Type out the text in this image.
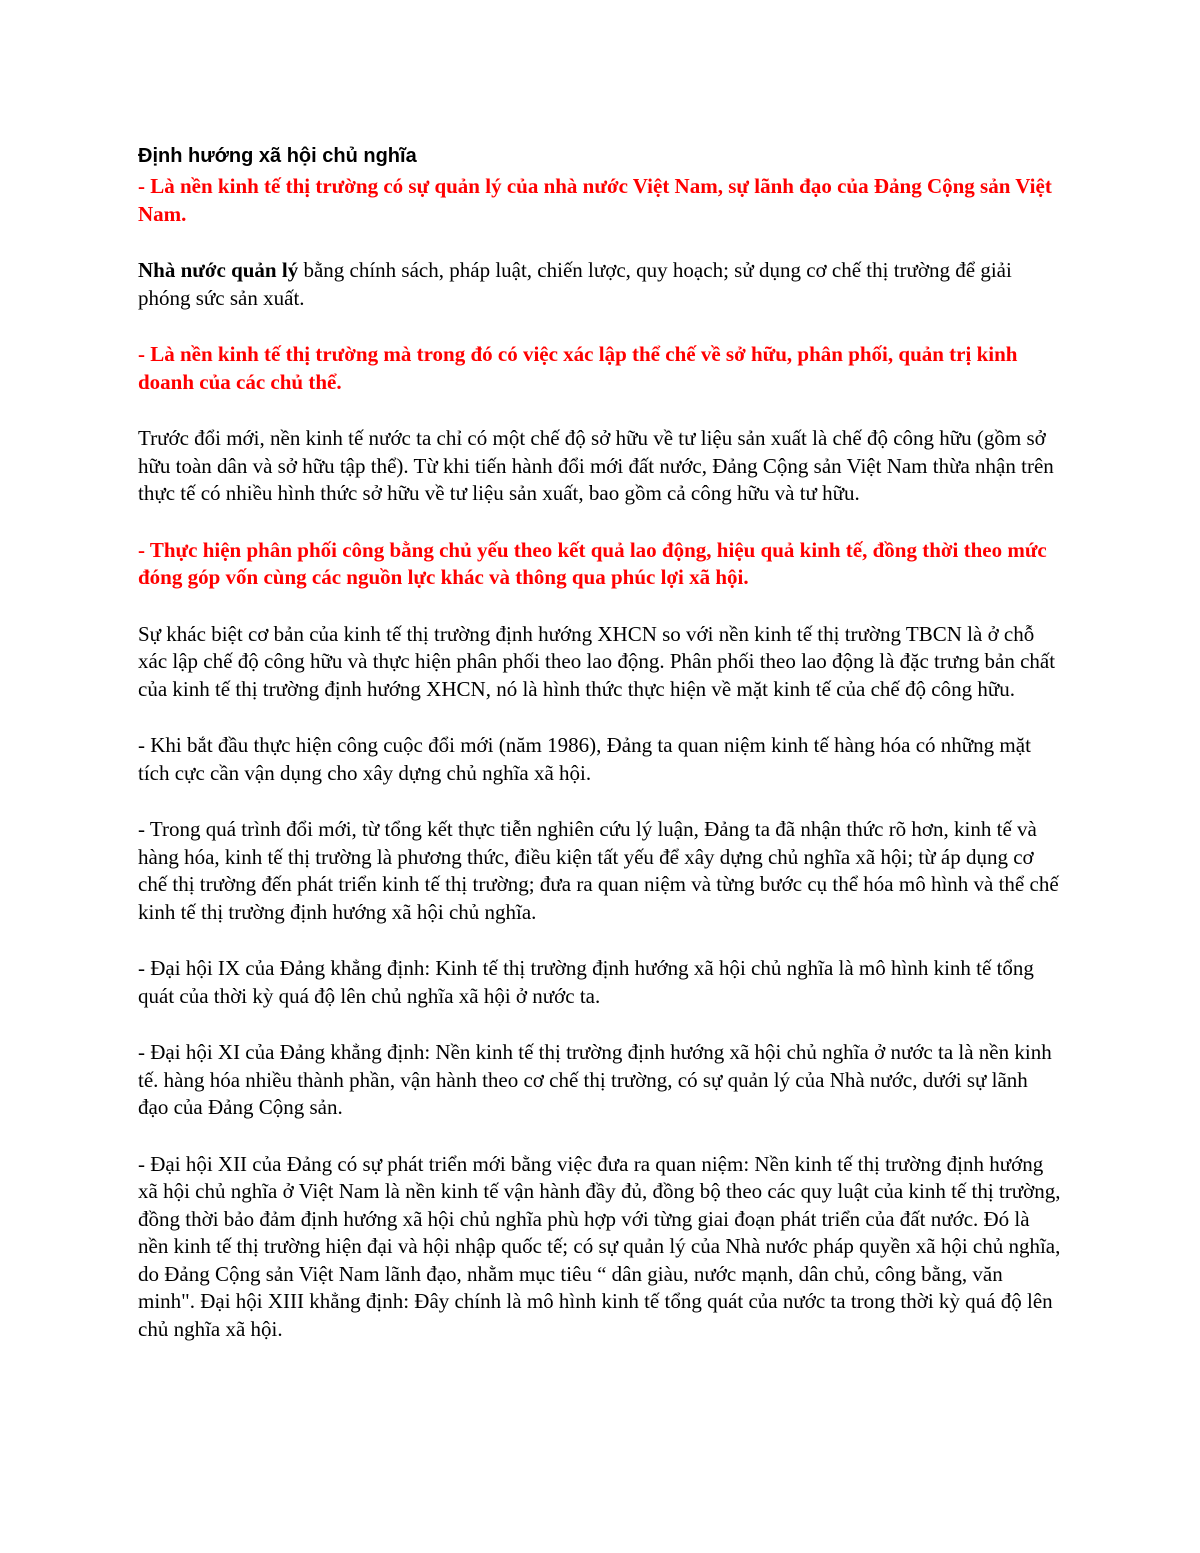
Định hướng xã hội chủ nghĩa

- Là nền kinh tế thị trường có sự quản lý của nhà nước Việt Nam, sự lãnh đạo của Đảng Cộng sản Việt Nam.

Nhà nước quản lý bằng chính sách, pháp luật, chiến lược, quy hoạch; sử dụng cơ chế thị trường để giải phóng sức sản xuất.

- Là nền kinh tế thị trường mà trong đó có việc xác lập thể chế về sở hữu, phân phối, quản trị kinh doanh của các chủ thể.

Trước đổi mới, nền kinh tế nước ta chỉ có một chế độ sở hữu về tư liệu sản xuất là chế độ công hữu (gồm sở hữu toàn dân và sở hữu tập thể). Từ khi tiến hành đổi mới đất nước, Đảng Cộng sản Việt Nam thừa nhận trên thực tế có nhiều hình thức sở hữu về tư liệu sản xuất, bao gồm cả công hữu và tư hữu.

- Thực hiện phân phối công bằng chủ yếu theo kết quả lao động, hiệu quả kinh tế, đồng thời theo mức đóng góp vốn cùng các nguồn lực khác và thông qua phúc lợi xã hội.

Sự khác biệt cơ bản của kinh tế thị trường định hướng XHCN so với nền kinh tế thị trường TBCN là ở chỗ xác lập chế độ công hữu và thực hiện phân phối theo lao động. Phân phối theo lao động là đặc trưng bản chất của kinh tế thị trường định hướng XHCN, nó là hình thức thực hiện về mặt kinh tế của chế độ công hữu.

- Khi bắt đầu thực hiện công cuộc đổi mới (năm 1986), Đảng ta quan niệm kinh tế hàng hóa có những mặt tích cực cần vận dụng cho xây dựng chủ nghĩa xã hội.

- Trong quá trình đổi mới, từ tổng kết thực tiễn nghiên cứu lý luận, Đảng ta đã nhận thức rõ hơn, kinh tế và hàng hóa, kinh tế thị trường là phương thức, điều kiện tất yếu để xây dựng chủ nghĩa xã hội; từ áp dụng cơ chế thị trường đến phát triển kinh tế thị trường; đưa ra quan niệm và từng bước cụ thể hóa mô hình và thể chế kinh tế thị trường định hướng xã hội chủ nghĩa.

- Đại hội IX của Đảng khẳng định: Kinh tế thị trường định hướng xã hội chủ nghĩa là mô hình kinh tế tổng quát của thời kỳ quá độ lên chủ nghĩa xã hội ở nước ta.

- Đại hội XI của Đảng khẳng định: Nền kinh tế thị trường định hướng xã hội chủ nghĩa ở nước ta là nền kinh tế. hàng hóa nhiều thành phần, vận hành theo cơ chế thị trường, có sự quản lý của Nhà nước, dưới sự lãnh đạo của Đảng Cộng sản.

- Đại hội XII của Đảng có sự phát triển mới bằng việc đưa ra quan niệm: Nền kinh tế thị trường định hướng xã hội chủ nghĩa ở Việt Nam là nền kinh tế vận hành đầy đủ, đồng bộ theo các quy luật của kinh tế thị trường, đồng thời bảo đảm định hướng xã hội chủ nghĩa phù hợp với từng giai đoạn phát triển của đất nước. Đó là nền kinh tế thị trường hiện đại và hội nhập quốc tế; có sự quản lý của Nhà nước pháp quyền xã hội chủ nghĩa, do Đảng Cộng sản Việt Nam lãnh đạo, nhằm mục tiêu “ dân giàu, nước mạnh, dân chủ, công bằng, văn minh". Đại hội XIII khẳng định: Đây chính là mô hình kinh tế tổng quát của nước ta trong thời kỳ quá độ lên chủ nghĩa xã hội.
